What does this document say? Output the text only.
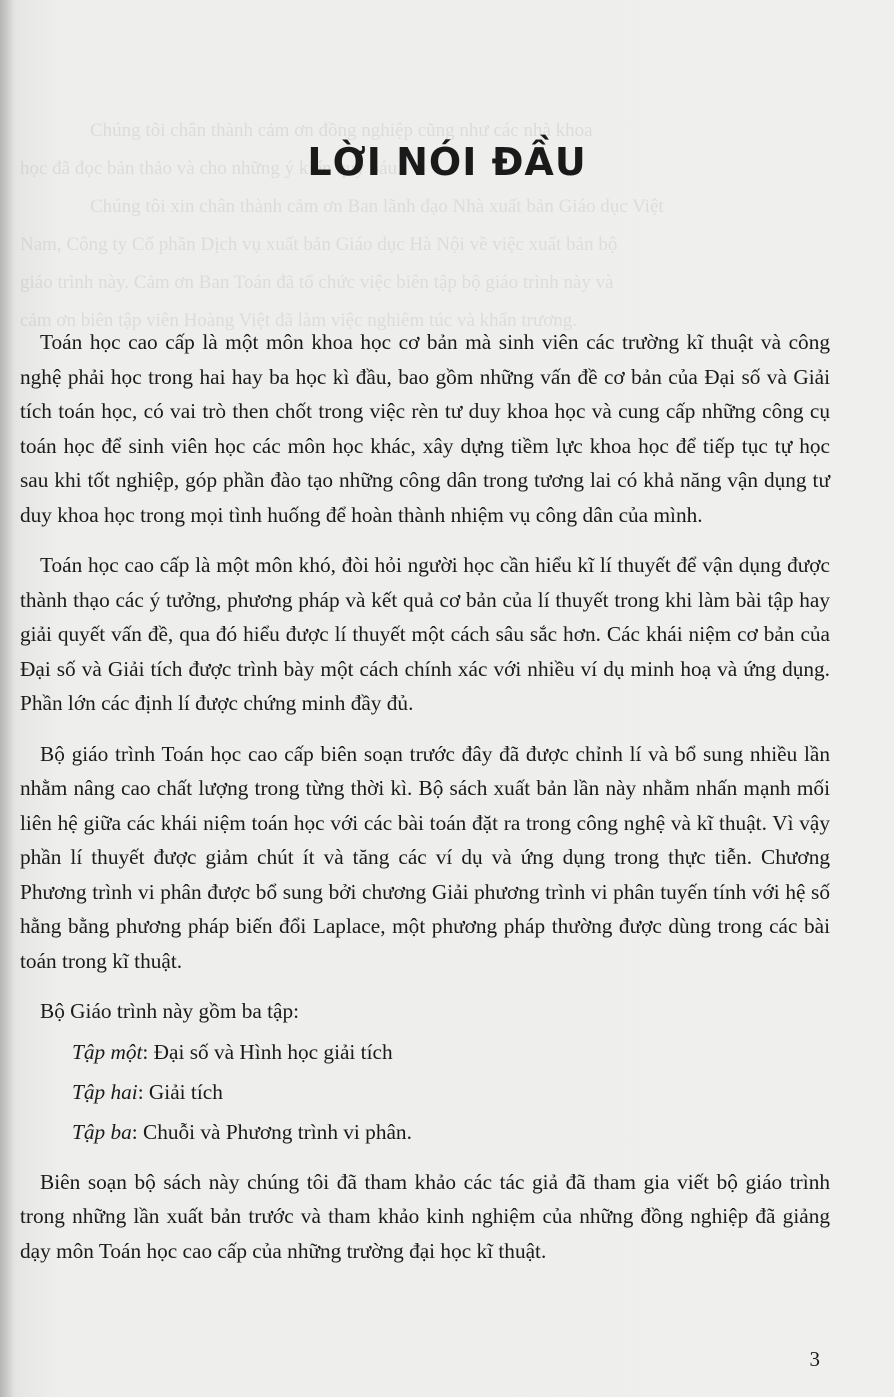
Chúng tôi chân thành cảm ơn đồng nghiệp cũng như các nhà khoa

học đã đọc bản thảo và cho những ý kiến quý báu.

Chúng tôi xin chân thành cảm ơn Ban lãnh đạo Nhà xuất bản Giáo dục Việt

Nam, Công ty Cổ phần Dịch vụ xuất bản Giáo dục Hà Nội về việc xuất bản bộ

giáo trình này. Cảm ơn Ban Toán đã tổ chức việc biên tập bộ giáo trình này và

cảm ơn biên tập viên Hoàng Việt đã làm việc nghiêm túc và khẩn trương.

LỜI NÓI ĐẦU

Toán học cao cấp là một môn khoa học cơ bản mà sinh viên các trường kĩ thuật và công nghệ phải học trong hai hay ba học kì đầu, bao gồm những vấn đề cơ bản của Đại số và Giải tích toán học, có vai trò then chốt trong việc rèn tư duy khoa học và cung cấp những công cụ toán học để sinh viên học các môn học khác, xây dựng tiềm lực khoa học để tiếp tục tự học sau khi tốt nghiệp, góp phần đào tạo những công dân trong tương lai có khả năng vận dụng tư duy khoa học trong mọi tình huống để hoàn thành nhiệm vụ công dân của mình.

Toán học cao cấp là một môn khó, đòi hỏi người học cần hiểu kĩ lí thuyết để vận dụng được thành thạo các ý tưởng, phương pháp và kết quả cơ bản của lí thuyết trong khi làm bài tập hay giải quyết vấn đề, qua đó hiểu được lí thuyết một cách sâu sắc hơn. Các khái niệm cơ bản của Đại số và Giải tích được trình bày một cách chính xác với nhiều ví dụ minh hoạ và ứng dụng. Phần lớn các định lí được chứng minh đầy đủ.

Bộ giáo trình Toán học cao cấp biên soạn trước đây đã được chỉnh lí và bổ sung nhiều lần nhằm nâng cao chất lượng trong từng thời kì. Bộ sách xuất bản lần này nhằm nhấn mạnh mối liên hệ giữa các khái niệm toán học với các bài toán đặt ra trong công nghệ và kĩ thuật. Vì vậy phần lí thuyết được giảm chút ít và tăng các ví dụ và ứng dụng trong thực tiễn. Chương Phương trình vi phân được bổ sung bởi chương Giải phương trình vi phân tuyến tính với hệ số hằng bằng phương pháp biến đổi Laplace, một phương pháp thường được dùng trong các bài toán trong kĩ thuật.

Bộ Giáo trình này gồm ba tập:

Tập một: Đại số và Hình học giải tích

Tập hai: Giải tích

Tập ba: Chuỗi và Phương trình vi phân.

Biên soạn bộ sách này chúng tôi đã tham khảo các tác giả đã tham gia viết bộ giáo trình trong những lần xuất bản trước và tham khảo kinh nghiệm của những đồng nghiệp đã giảng dạy môn Toán học cao cấp của những trường đại học kĩ thuật.

3
